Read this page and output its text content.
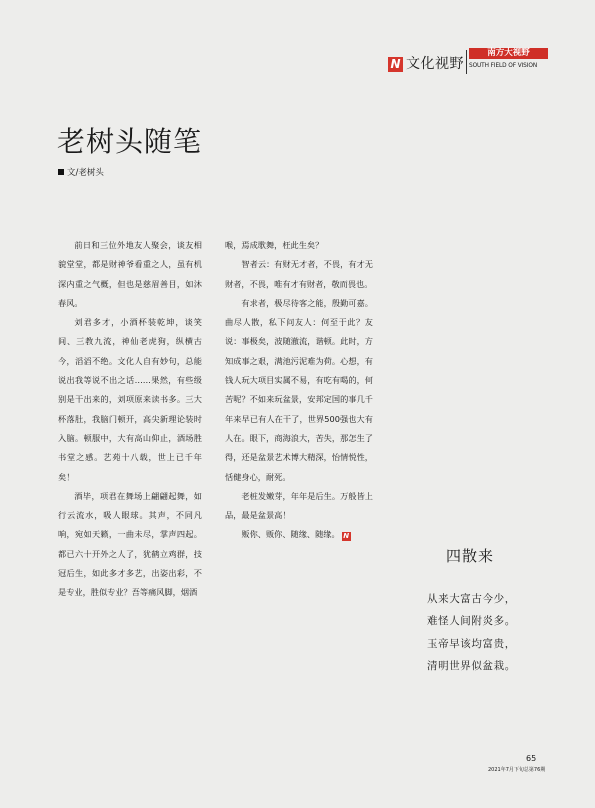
N 文化视野
南方大视野
SOUTH FIELD OF VISION
老树头随笔
文/老树头

前日和三位外地友人聚会，谈友相貌堂堂，都是财神爷看重之人，虽有机深内重之气概，但也是慈眉善目，如沐春风。

刘君多才，小酒杯装乾坤，谈笑间、三教九流，神仙老虎狗，纵横古今，滔滔不绝。文化人自有妙句，总能说出我等说不出之话……果然，有些级别是干出来的，刘项原来读书多。三大杯落肚，我脑门顿开，高尖新理论装时入脑。顿服中，大有高山仰止，酒场胜书堂之感。艺苑十八载，世上已千年矣！

酒毕，项君在舞场上翩翩起舞，如行云流水，吸人眼球。其声，不同凡响，宛如天籁，一曲未尽，掌声四起。都已六十开外之人了，犹鹤立鸡群，技冠后生，如此多才多艺，出姿出彩，不是专业，胜似专业？吾等痛风脚，烟酒

喉，焉成歌舞，枉此生矣？

智者云：有财无才者，不畏，有才无财者，不畏，唯有才有财者，敬而畏也。

有求者，极尽待客之能，殷勤可嘉。曲尽人散，私下问友人：何至于此？友说：事极矣，波随澈流，谐顿。此时，方知成事之艰，满池污泥难为荷。心想，有钱人玩大项目实属不易，有吃有喝的，何苦呢？不如来玩盆景，安邦定国的事几千年来早已有人在干了，世界500强也大有人在。眼下，商海浪大，苦失，那怎生了得，还是盆景艺术博大精深，怡情悦性，恬健身心，耐死。

老桩发嫩芽，年年是后生。万般皆上品，最是盆景高！

贩你、贩你、随缘、随缘。 N

四散来
从来大富古今少，
难怪人间附炎多。
玉帝早该均富贵，
清明世界似盆栽。
65
2021年7月下旬总第76期
